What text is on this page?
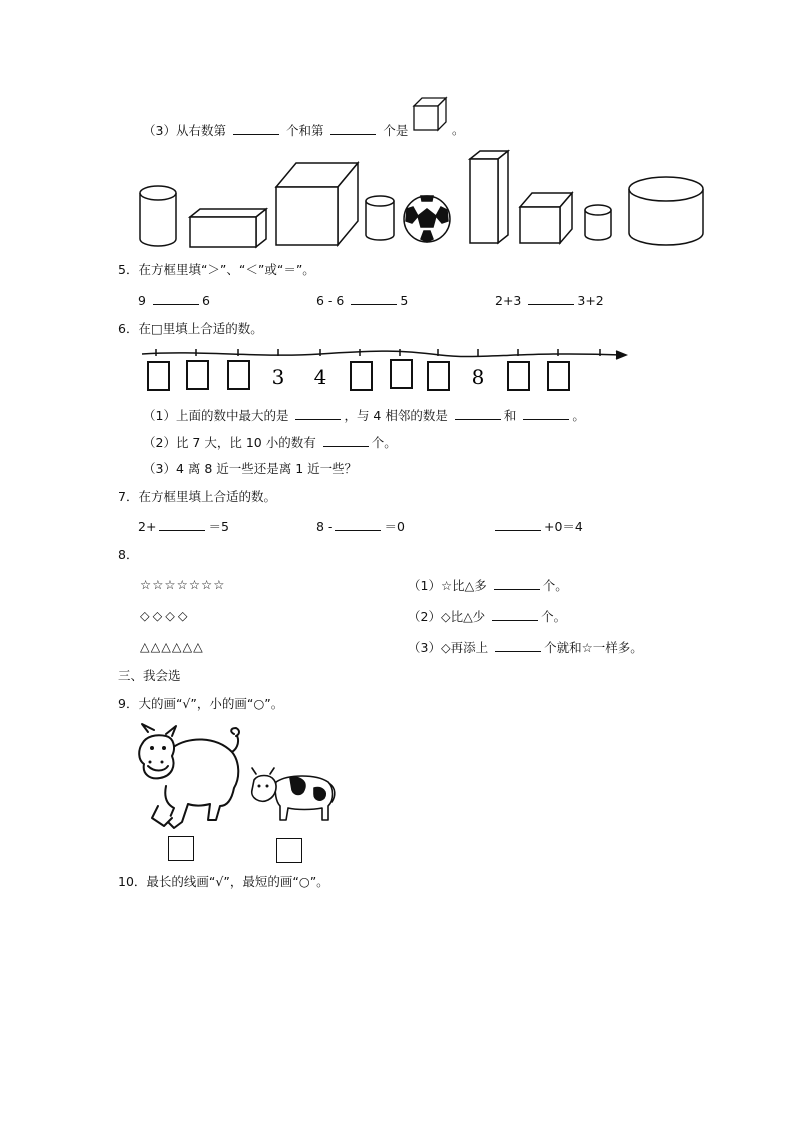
（3）从右数第	个和第	个是	。
5．在方框里填“＞”、“＜”或“＝”。
9	6	6 - 6	5	2+3	3+2
6．在□里填上合适的数。
3 4	8
（1）上面的数中最大的是	，与 4 相邻的数是	和	。
（2）比 7 大，比 10 小的数有	个。
（3）4 离 8 近一些还是离 1 近一些？
7．在方框里填上合适的数。
2+	＝5	8 -	＝0	+0＝4
8．
☆☆☆☆☆☆☆
◇◇◇◇
△△△△△△
（1）☆比△多	个。
（2）◇比△少	个。
（3）◇再添上	个就和☆一样多。
三、我会选
9．大的画“√”，小的画“○”。
10．最长的线画“√”，最短的画“○”。
